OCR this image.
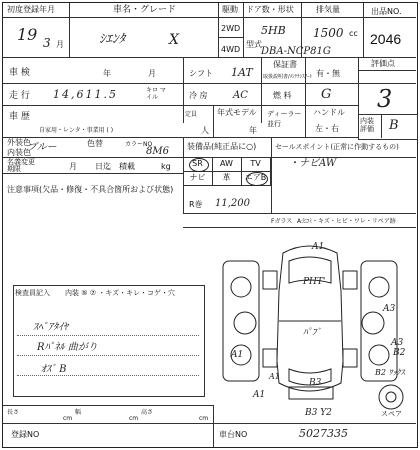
初度登録年月
19 3 月
車名・グレード
ｼｴﾝﾀ	X
駆動
2WD
4WD
ドア数・形状
5HB
型式
DBA-NCP81G
排気量
1500 cc
出品NO.
2046
車 検	年	月	シフト 1AT
保証書
取扱説明書/ﾒﾝﾃﾅﾝｽﾉｰﾄ 有・無
評価点
3
走 行 14,611.5	キロ マイル	冷 房	AC	燃 料 G
内装 評価	B
車 歴
自家用・レンタ・事業用 ( )
定員
人
年式モデル
年
ディーラー 並行
ハンドル
左・右
外装色
内装色
ブルー	色替	カラーNO
8M6 装備品(純正品に○)
SR	AW	TV
ナビ	革	エアB
R巻 11,200
セールスポイント(正常に作動するもの)
・ナビAW
名義変更 期限	月 日迄 積載	kg
注意事項(欠品・修復・不具合箇所および状態)
Fガラス A:ﾋｺﾐ・キズ・ヒビ・ワレ・リペア跡
検査員記入 内装 ⑤ ⑦ ・キズ・キレ・コゲ・穴
ｽﾍﾟｱﾀｲﾔ
Rﾊﾟﾈﾙ 曲がり
ｵｽﾞ B
A1
PHT'
A3
A3
B2
B2 ﾜｯｸｽ
A1
ﾊﾟﾌﾞ
A1
B3
A1
B3 Y2	スペア
長さ
cm
幅
cm
高さ
cm
登録NO	車台NO	5027335
